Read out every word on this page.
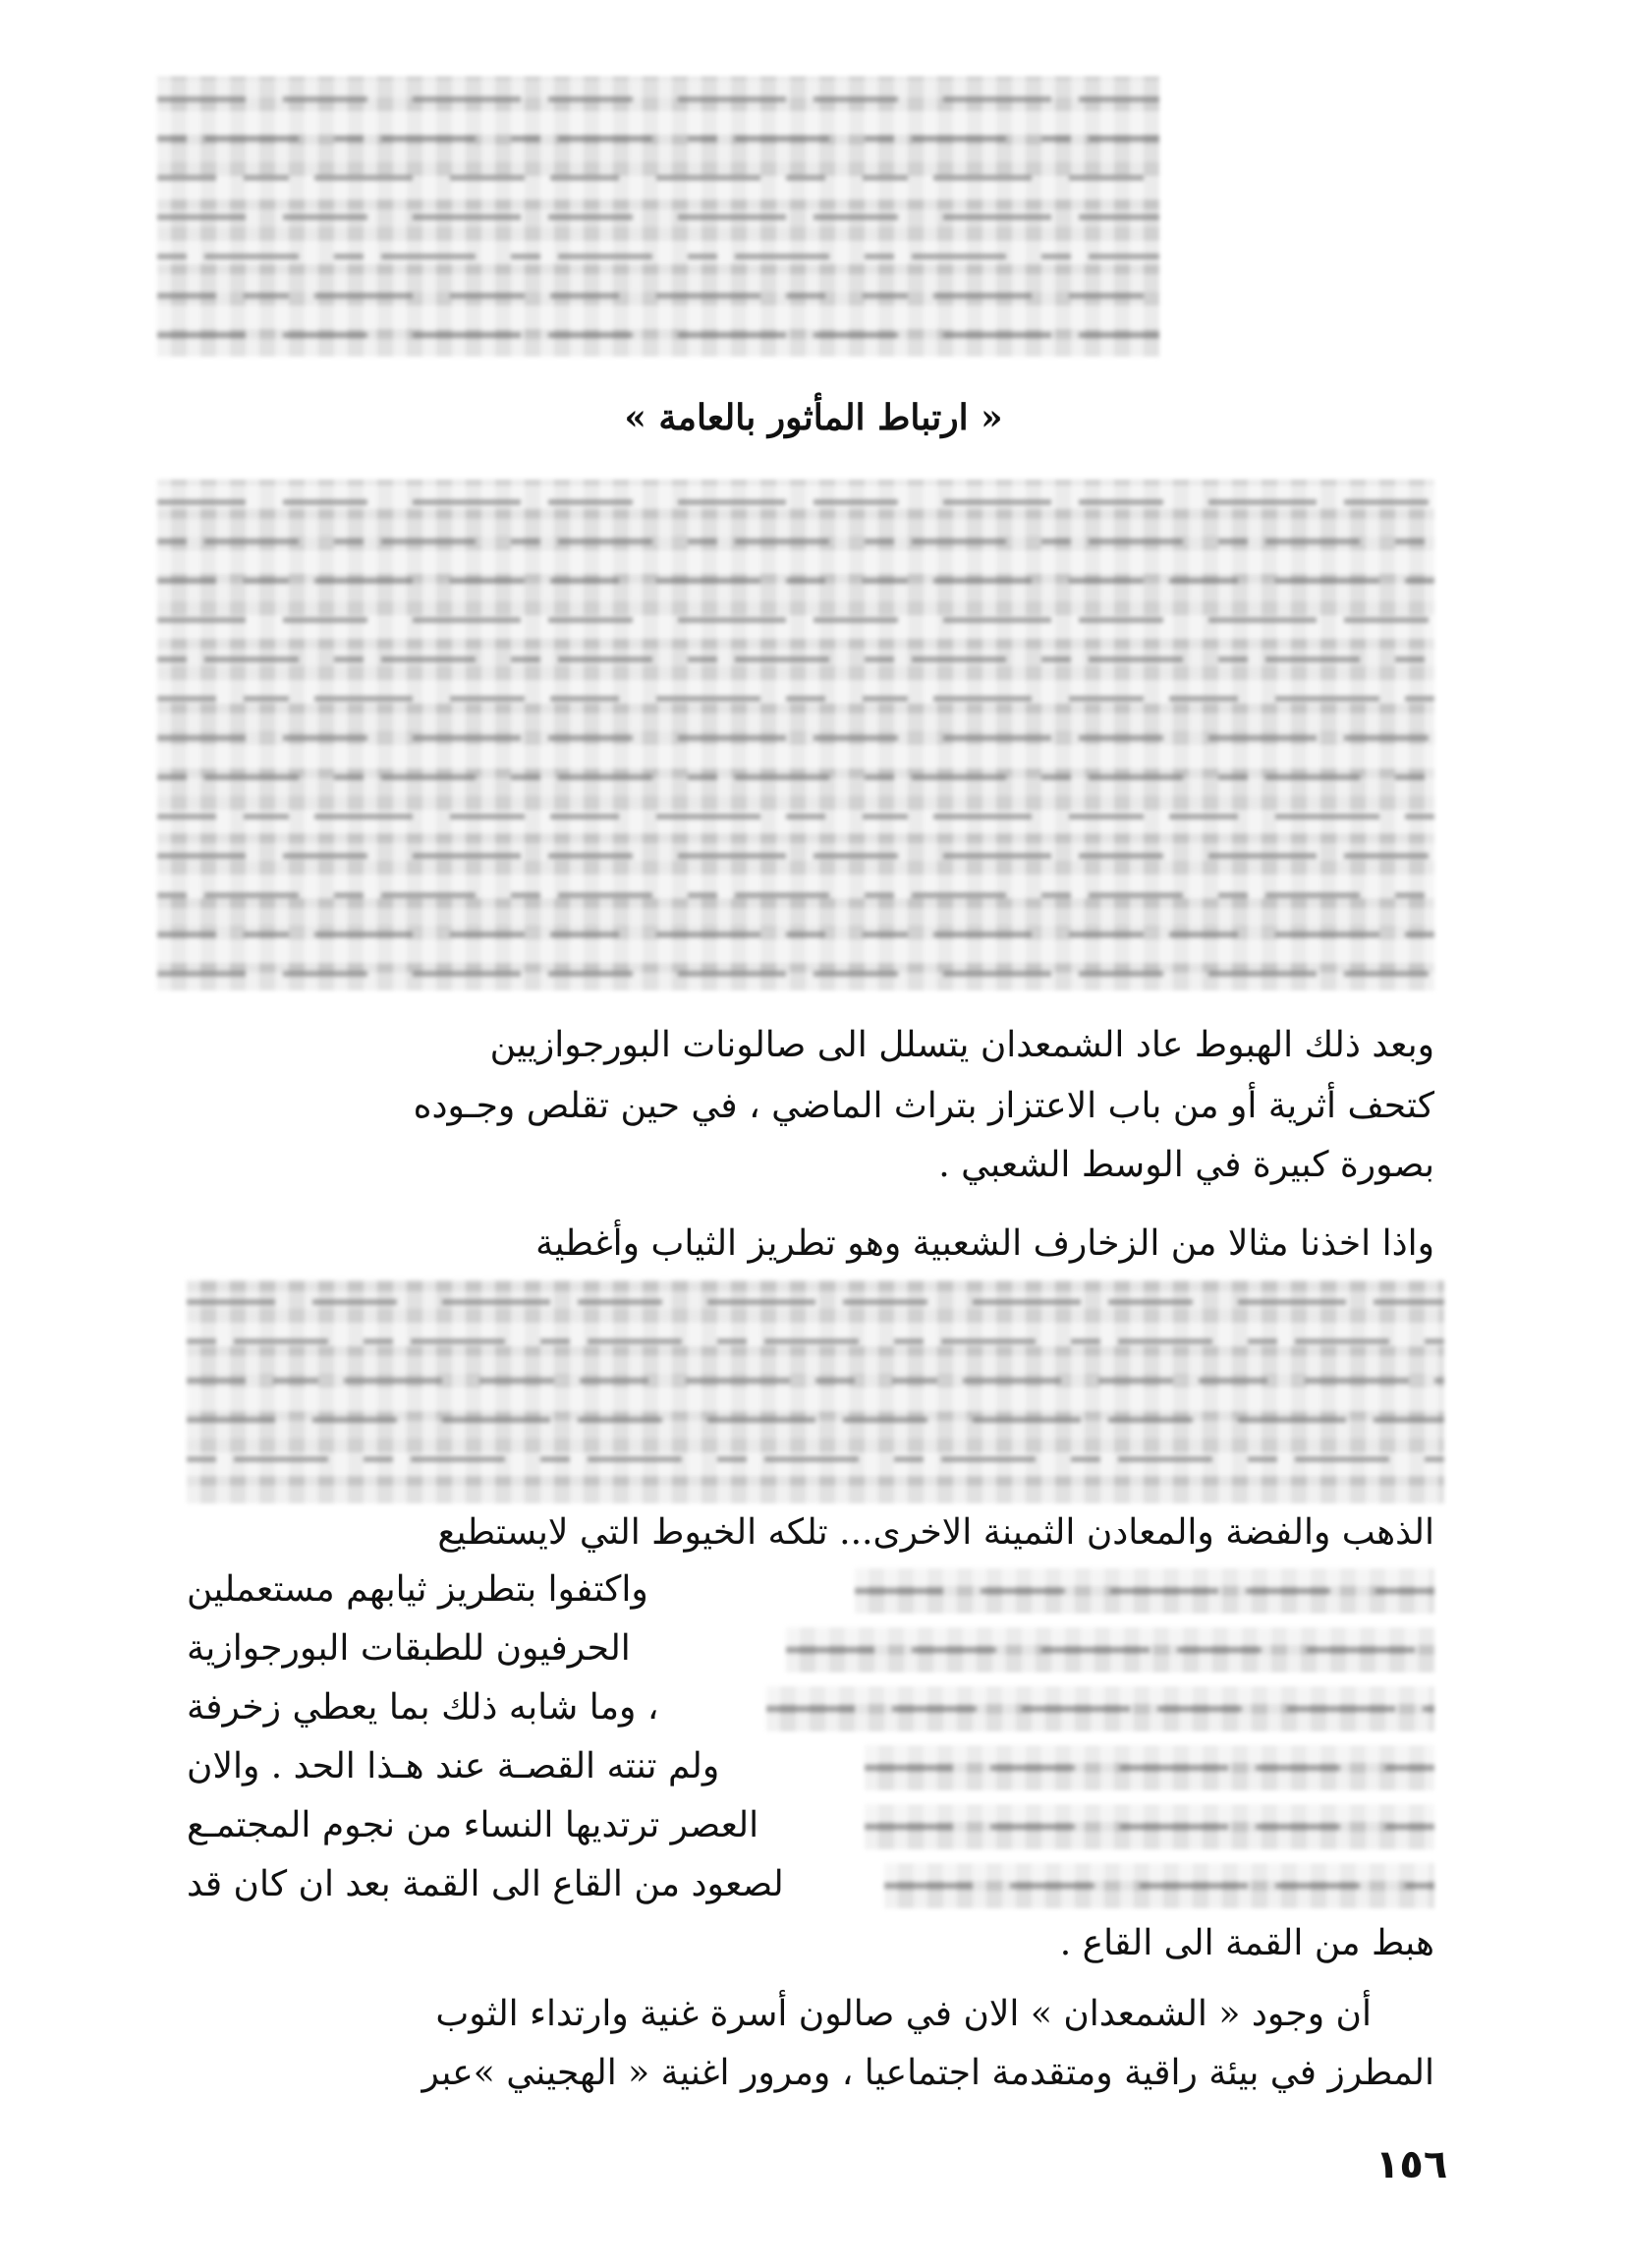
« ارتباط المأثور بالعامة »
وبعد ذلك الهبوط عاد الشمعدان يتسلل الى صالونات البورجوازيين
كتحف أثرية أو من باب الاعتزاز بتراث الماضي ، في حين تقلص وجـوده
بصورة كبيرة في الوسط الشعبي .
واذا اخذنا مثالا من الزخارف الشعبية وهو تطريز الثياب وأغطية
الذهب والفضة والمعادن الثمينة الاخرى... تلكه الخيوط التي لايستطيع
واكتفوا بتطريز ثيابهم مستعملين
الحرفيون للطبقات البورجوازية
، وما شابه ذلك بما يعطي زخرفة
ولم تنته القصـة عند هـذا الحد . والان
العصر ترتديها النساء من نجوم المجتمـع
لصعود من القاع الى القمة بعد ان كان قد
هبط من القمة الى القاع .
أن وجود « الشمعدان » الان في صالون أسرة غنية وارتداء الثوب
المطرز في بيئة راقية ومتقدمة اجتماعيا ، ومرور اغنية « الهجيني »عبر
١٥٦
